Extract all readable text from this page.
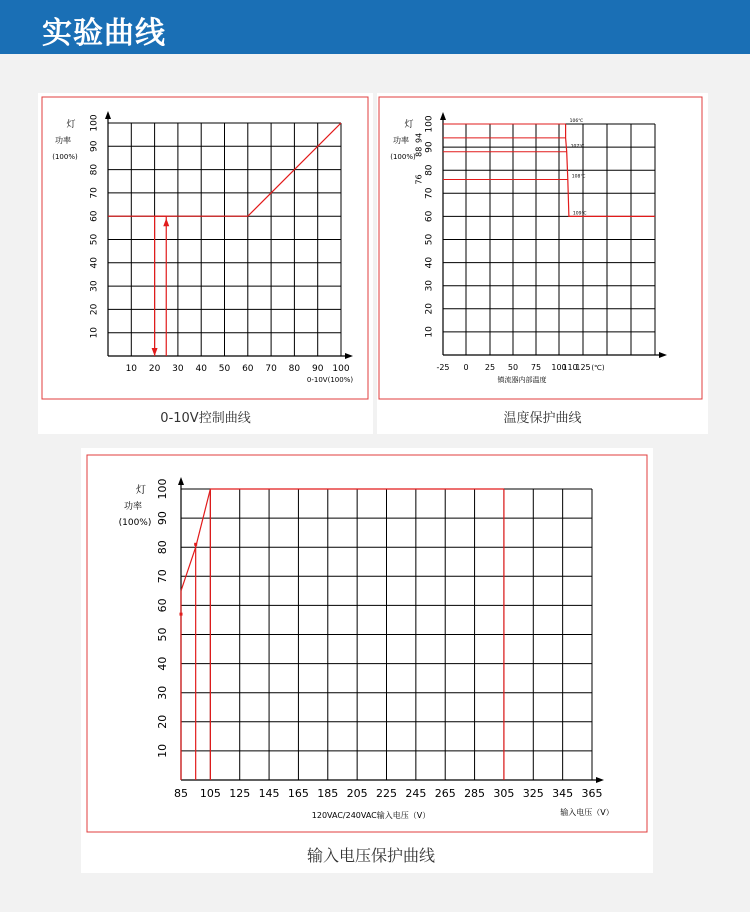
实验曲线
10 20 30 40 50 60 70 80 90 100
10
20
30
40
50
60
70
80
90
100
灯
功率
(100%)
0-10V(100%)
0-10V控制曲线
-25 0 25 50 75 100
110
125
10
20
30
40
50
60
70
80
90
100
灯
功率
(100%)
(℃)
镇流器内部温度
94
88
76
106℃
107℃
108℃
109℃
温度保护曲线
85 105 125 145 165 185 205 225 245 265 285 305 325 345 365
10
20
30
40
50
60
70
80
90
100
灯
功率
(100%)
120VAC/240VAC输入电压（V）	输入电压（V）
输入电压保护曲线
